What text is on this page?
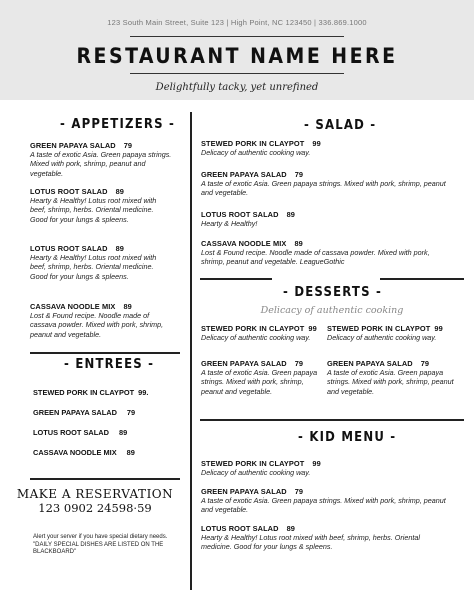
123 South Main Street, Suite 123 | High Point, NC 123450 | 336.869.1000
RESTAURANT NAME HERE
Delightfully tacky, yet unrefined
- APPETIZERS -
GREEN PAPAYA SALAD 79
A taste of exotic Asia. Green papaya strings. Mixed with pork, shrimp, peanut and vegetable.
LOTUS ROOT SALAD 89
Hearty & Healthy! Lotus root mixed with beef, shrimp, herbs. Oriental medicine. Good for your lungs & spleens.
LOTUS ROOT SALAD 89
Hearty & Healthy! Lotus root mixed with beef, shrimp, herbs. Oriental medicine. Good for your lungs & spleens.
CASSAVA NOODLE MIX 89
Lost & Found recipe. Noodle made of cassava powder. Mixed with pork, shrimp, peanut and vegetable.
- ENTREES -
STEWED PORK IN CLAYPOT 99.
GREEN PAPAYA SALAD 79
LOTUS ROOT SALAD 89
CASSAVA NOODLE MIX 89
MAKE A RESERVATION
123 0902 24598·59
Alert your server if you have special dietary needs. "DAILY SPECIAL DISHES ARE LISTED ON THE BLACKBOARD"
- SALAD -
STEWED PORK IN CLAYPOT 99
Delicacy of authentic cooking way.
GREEN PAPAYA SALAD 79
A taste of exotic Asia. Green papaya strings. Mixed with pork, shrimp, peanut and vegetable.
LOTUS ROOT SALAD 89
Hearty & Healthy!
CASSAVA NOODLE MIX 89
Lost & Found recipe. Noodle made of cassava powder. Mixed with pork, shrimp, peanut and vegetable. LeagueGothic
- DESSERTS -
Delicacy of authentic cooking
STEWED PORK IN CLAYPOT 99
Delicacy of authentic cooking way.
STEWED PORK IN CLAYPOT 99
Delicacy of authentic cooking way.
GREEN PAPAYA SALAD 79
A taste of exotic Asia. Green papaya strings. Mixed with pork, shrimp, peanut and vegetable.
GREEN PAPAYA SALAD 79
A taste of exotic Asia. Green papaya strings. Mixed with pork, shrimp, peanut and vegetable.
- KID MENU -
STEWED PORK IN CLAYPOT 99
Delicacy of authentic cooking way.
GREEN PAPAYA SALAD 79
A taste of exotic Asia. Green papaya strings. Mixed with pork, shrimp, peanut and vegetable.
LOTUS ROOT SALAD 89
Hearty & Healthy! Lotus root mixed with beef, shrimp, herbs. Oriental medicine. Good for your lungs & spleens.
